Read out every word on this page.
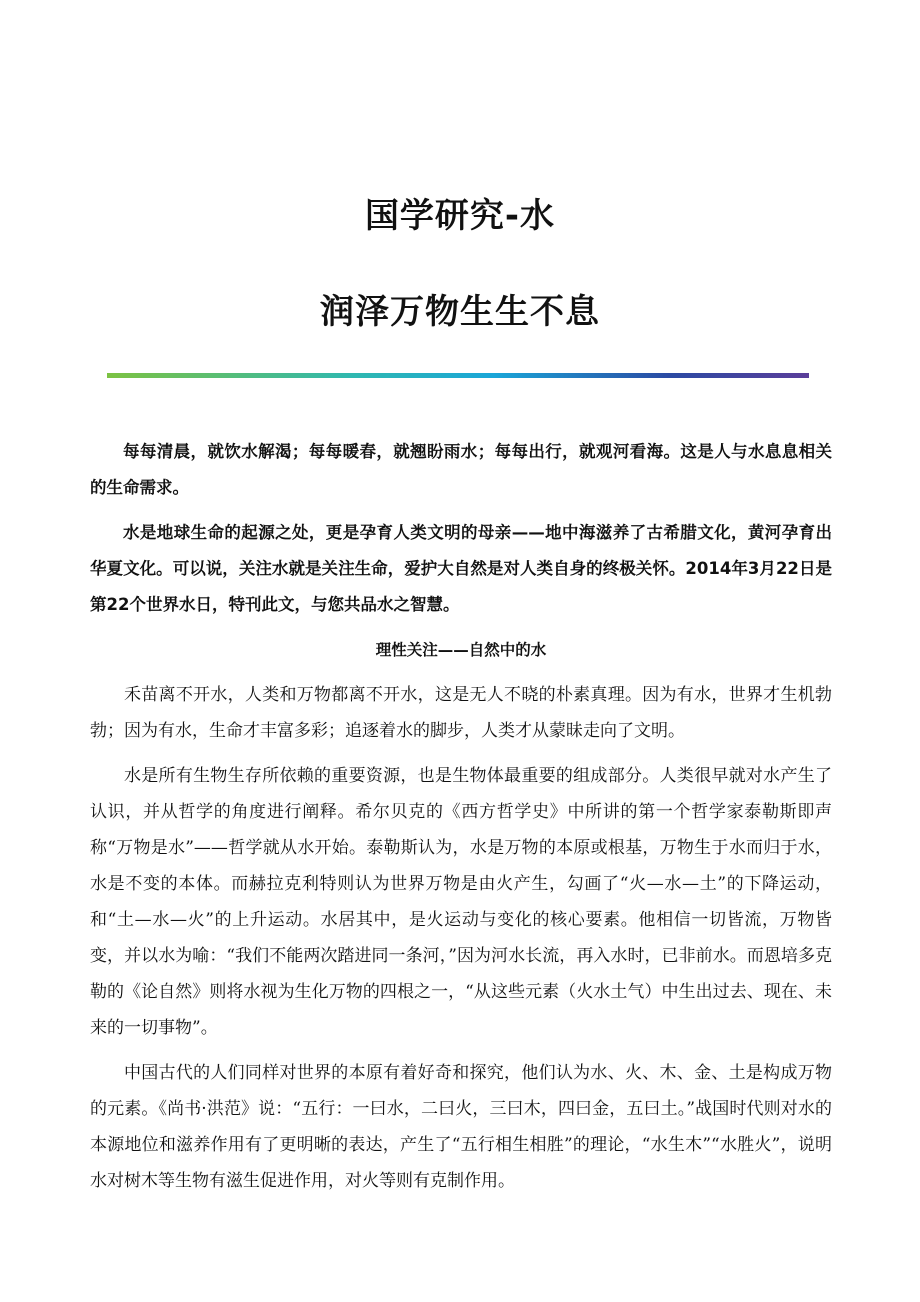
国学研究-水
润泽万物生生不息

每每清晨，就饮水解渴；每每暖春，就翘盼雨水；每每出行，就观河看海。这是人与水息息相关的生命需求。

水是地球生命的起源之处，更是孕育人类文明的母亲——地中海滋养了古希腊文化，黄河孕育出华夏文化。可以说，关注水就是关注生命，爱护大自然是对人类自身的终极关怀。2014年3月22日是第22个世界水日，特刊此文，与您共品水之智慧。

理性关注——自然中的水

禾苗离不开水，人类和万物都离不开水，这是无人不晓的朴素真理。因为有水，世界才生机勃勃；因为有水，生命才丰富多彩；追逐着水的脚步，人类才从蒙昧走向了文明。

水是所有生物生存所依赖的重要资源，也是生物体最重要的组成部分。人类很早就对水产生了认识，并从哲学的角度进行阐释。希尔贝克的《西方哲学史》中所讲的第一个哲学家泰勒斯即声称“万物是水”——哲学就从水开始。泰勒斯认为，水是万物的本原或根基，万物生于水而归于水，水是不变的本体。而赫拉克利特则认为世界万物是由火产生，勾画了“火—水—土”的下降运动，和“土—水—火”的上升运动。水居其中，是火运动与变化的核心要素。他相信一切皆流，万物皆变，并以水为喻：“我们不能两次踏进同一条河，”因为河水长流，再入水时，已非前水。而恩培多克勒的《论自然》则将水视为生化万物的四根之一，“从这些元素（火水土气）中生出过去、现在、未来的一切事物”。

中国古代的人们同样对世界的本原有着好奇和探究，他们认为水、火、木、金、土是构成万物的元素。《尚书·洪范》说：“五行：一曰水，二曰火，三曰木，四曰金，五曰土。”战国时代则对水的本源地位和滋养作用有了更明晰的表达，产生了“五行相生相胜”的理论，“水生木”“水胜火”，说明水对树木等生物有滋生促进作用，对火等则有克制作用。
